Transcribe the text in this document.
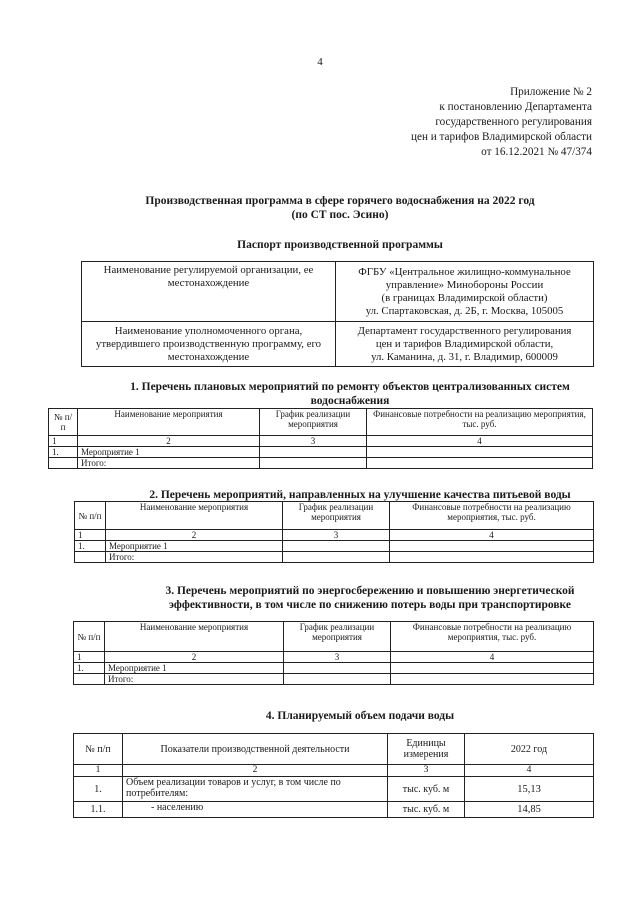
4
Приложение № 2
к постановлению Департамента
государственного регулирования
цен и тарифов Владимирской области
от 16.12.2021 № 47/374
Производственная программа в сфере горячего водоснабжения на 2022 год
(по СТ пос. Эсино)
Паспорт производственной программы
Наименование регулируемой организации, ее местонахождение	ФГБУ «Центральное жилищно-коммунальное
управление» Минобороны России
(в границах Владимирской области)
ул. Спартаковская, д. 2Б, г. Москва, 105005

Наименование уполномоченного органа, утвердившего производственную программу, его местонахождение	Департамент государственного регулирования
цен и тарифов Владимирской области,
ул. Каманина, д. 31, г. Владимир, 600009
1. Перечень плановых мероприятий по ремонту объектов централизованных систем
водоснабжения
№ п/п	Наименование мероприятия	График реализации мероприятия	Финансовые потребности на реализацию мероприятия, тыс. руб.
1	2	3	4
1.	Мероприятие 1		
	Итого:		
2. Перечень мероприятий, направленных на улучшение качества питьевой воды
№ п/п	Наименование мероприятия	График реализации мероприятия	Финансовые потребности на реализацию мероприятия, тыс. руб.
1	2	3	4
1.	Мероприятие 1		
	Итого:		
3. Перечень мероприятий по энергосбережению и повышению энергетической
эффективности, в том числе по снижению потерь воды при транспортировке
№ п/п	Наименование мероприятия	График реализации мероприятия	Финансовые потребности на реализацию мероприятия, тыс. руб.
1	2	3	4
1.	Мероприятие 1		
	Итого:		
4. Планируемый объем подачи воды
№ п/п	Показатели производственной деятельности	Единицы измерения	2022 год
1	2	3	4
1.	Объем реализации товаров и услуг, в том числе по потребителям:	тыс. куб. м	15,13
1.1.	- населению	тыс. куб. м	14,85
